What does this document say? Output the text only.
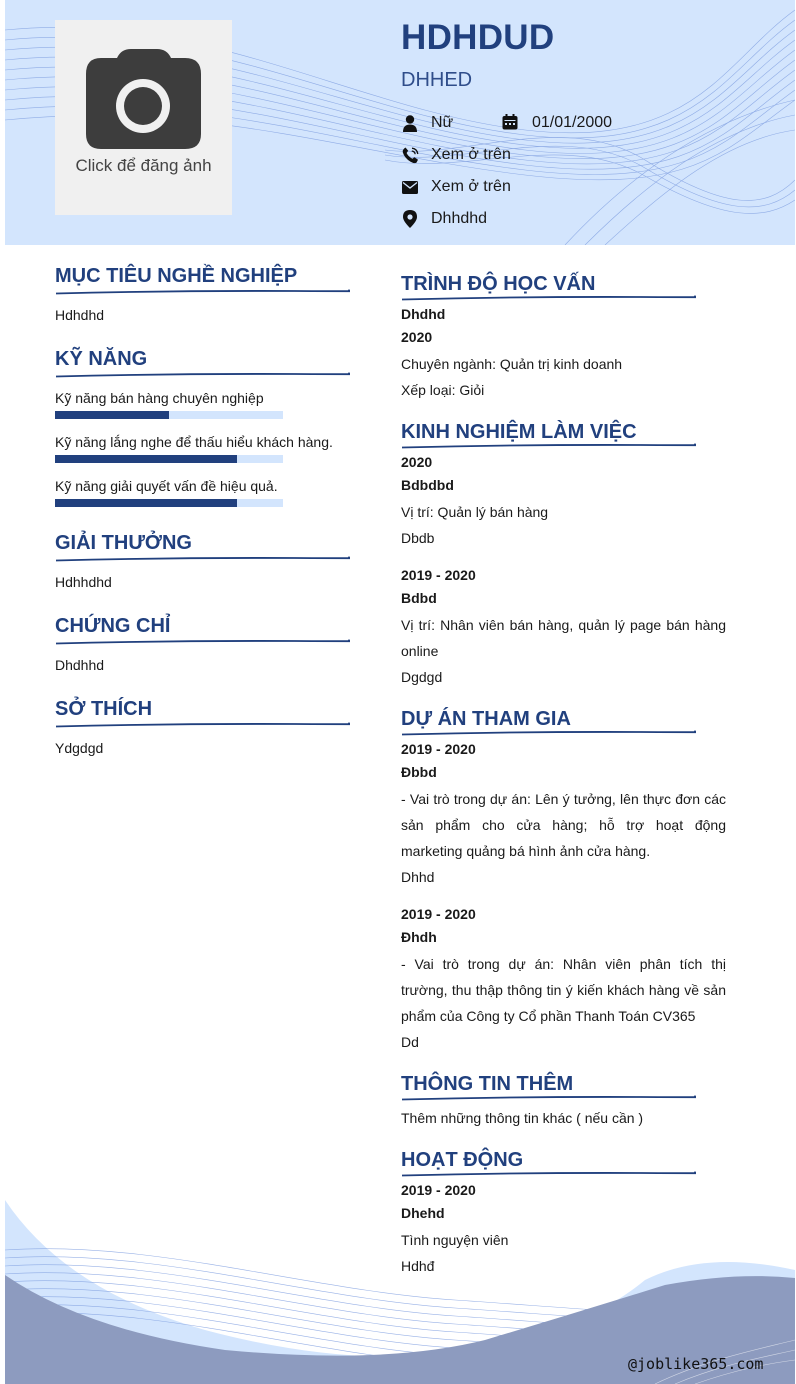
Click để đăng ảnh
HDHDUD
DHHED
Nữ	01/01/2000
Xem ở trên
Xem ở trên
Dhhdhd
MỤC TIÊU NGHỀ NGHIỆP
Hdhdhd
KỸ NĂNG
Kỹ năng bán hàng chuyên nghiệp
Kỹ năng lắng nghe để thấu hiểu khách hàng.
Kỹ năng giải quyết vấn đề hiệu quả.
GIẢI THƯỞNG
Hdhhdhd
CHỨNG CHỈ
Dhdhhd
SỞ THÍCH
Ydgdgd
TRÌNH ĐỘ HỌC VẤN
Dhdhd
2020
Chuyên ngành: Quản trị kinh doanh
Xếp loại: Giỏi
KINH NGHIỆM LÀM VIỆC
2020
Bdbdbd
Vị trí: Quản lý bán hàng
Dbdb
2019 - 2020
Bdbd
Vị trí: Nhân viên bán hàng, quản lý page bán hàng online
Dgdgd
DỰ ÁN THAM GIA
2019 - 2020
Đbbd
- Vai trò trong dự án: Lên ý tưởng, lên thực đơn các sản phẩm cho cửa hàng; hỗ trợ hoạt động marketing quảng bá hình ảnh cửa hàng.
Dhhd
2019 - 2020
Đhdh
- Vai trò trong dự án: Nhân viên phân tích thị trường, thu thập thông tin ý kiến khách hàng về sản phẩm của Công ty Cổ phần Thanh Toán CV365
Dd
THÔNG TIN THÊM
Thêm những thông tin khác ( nếu cần )
HOẠT ĐỘNG
2019 - 2020
Dhehd
Tình nguyện viên
Hdhđ
@joblike365.com
